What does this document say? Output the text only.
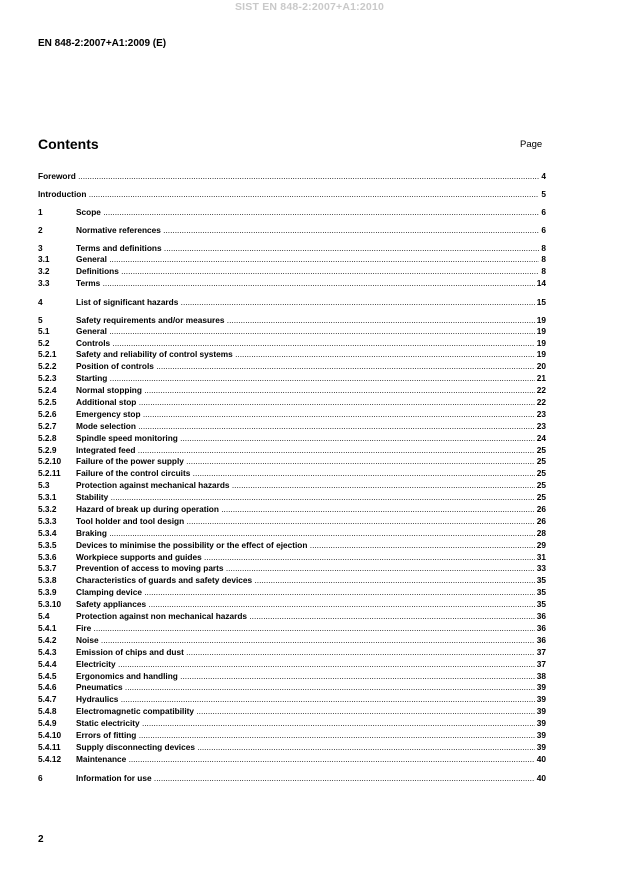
SIST EN 848-2:2007+A1:2010
EN 848-2:2007+A1:2009 (E)
Contents	Page
Foreword .....	4
Introduction .....	5
1	Scope .....	6
2	Normative references .....	6
3	Terms and definitions .....	8
3.1	General .....	8
3.2	Definitions .....	8
3.3	Terms .....	14
4	List of significant hazards .....	15
5	Safety requirements and/or measures .....	19
5.1	General .....	19
5.2	Controls .....	19
5.2.1 Safety and reliability of control systems .....	19
5.2.2 Position of controls .....	20
5.2.3 Starting .....	21
5.2.4 Normal stopping .....	22
5.2.5 Additional stop .....	22
5.2.6 Emergency stop .....	23
5.2.7 Mode selection .....	23
5.2.8 Spindle speed monitoring .....	24
5.2.9 Integrated feed .....	25
5.2.10 Failure of the power supply .....	25
5.2.11 Failure of the control circuits .....	25
5.3	Protection against mechanical hazards .....	25
5.3.1 Stability .....	25
5.3.2 Hazard of break up during operation .....	26
5.3.3 Tool holder and tool design .....	26
5.3.4 Braking .....	28
5.3.5 Devices to minimise the possibility or the effect of ejection .....	29
5.3.6 Workpiece supports and guides .....	31
5.3.7 Prevention of access to moving parts .....	33
5.3.8 Characteristics of guards and safety devices .....	35
5.3.9 Clamping device .....	35
5.3.10 Safety appliances .....	35
5.4	Protection against non mechanical hazards .....	36
5.4.1 Fire .....	36
5.4.2 Noise .....	36
5.4.3 Emission of chips and dust .....	37
5.4.4 Electricity .....	37
5.4.5 Ergonomics and handling .....	38
5.4.6 Pneumatics .....	39
5.4.7 Hydraulics .....	39
5.4.8 Electromagnetic compatibility .....	39
5.4.9 Static electricity .....	39
5.4.10 Errors of fitting .....	39
5.4.11 Supply disconnecting devices .....	39
5.4.12 Maintenance .....	40
6	Information for use .....	40
2
